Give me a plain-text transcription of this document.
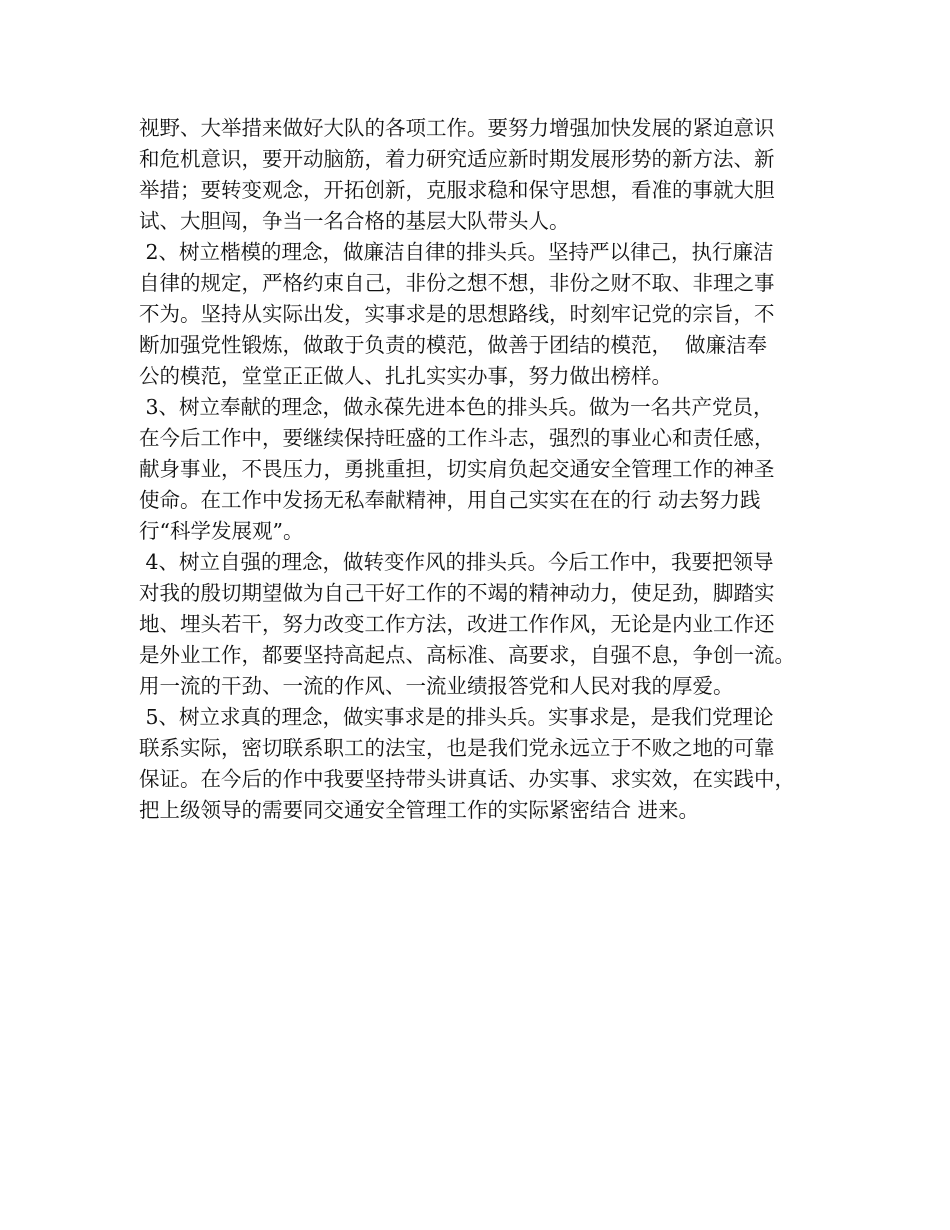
视野、大举措来做好大队的各项工作。要努力增强加快发展的紧迫意识
和危机意识，要开动脑筋，着力研究适应新时期发展形势的新方法、新
举措；要转变观念，开拓创新，克服求稳和保守思想，看准的事就大胆
试、大胆闯，争当一名合格的基层大队带头人。
2、树立楷模的理念，做廉洁自律的排头兵。坚持严以律己，执行廉洁
自律的规定，严格约束自己，非份之想不想，非份之财不取、非理之事
不为。坚持从实际出发，实事求是的思想路线，时刻牢记党的宗旨，不
断加强党性锻炼，做敢于负责的模范，做善于团结的模范，  做廉洁奉
公的模范，堂堂正正做人、扎扎实实办事，努力做出榜样。
3、树立奉献的理念，做永葆先进本色的排头兵。做为一名共产党员，
在今后工作中，要继续保持旺盛的工作斗志，强烈的事业心和责任感，
献身事业，不畏压力，勇挑重担，切实肩负起交通安全管理工作的神圣
使命。在工作中发扬无私奉献精神，用自己实实在在的行 动去努力践
行“科学发展观”。
4、树立自强的理念，做转变作风的排头兵。今后工作中，我要把领导
对我的殷切期望做为自己干好工作的不竭的精神动力，使足劲，脚踏实
地、埋头若干，努力改变工作方法，改进工作作风，无论是内业工作还
是外业工作，都要坚持高起点、高标准、高要求，自强不息，争创一流。
用一流的干劲、一流的作风、一流业绩报答党和人民对我的厚爱。
5、树立求真的理念，做实事求是的排头兵。实事求是，是我们党理论
联系实际，密切联系职工的法宝，也是我们党永远立于不败之地的可靠
保证。在今后的作中我要坚持带头讲真话、办实事、求实效，在实践中，
把上级领导的需要同交通安全管理工作的实际紧密结合 进来。
